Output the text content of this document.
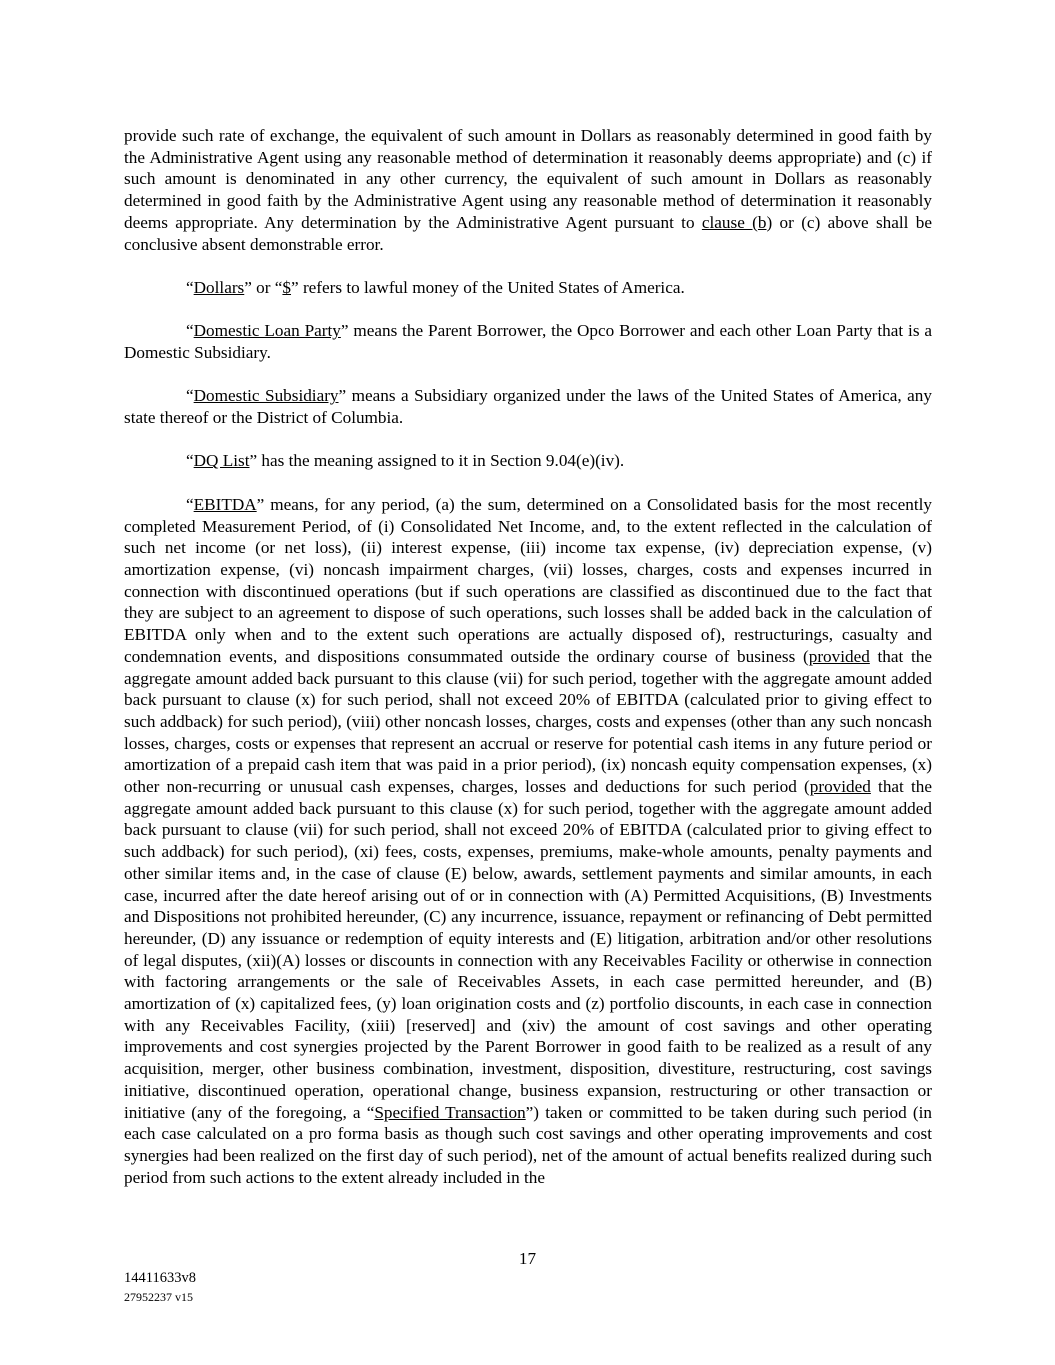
provide such rate of exchange, the equivalent of such amount in Dollars as reasonably determined in good faith by the Administrative Agent using any reasonable method of determination it reasonably deems appropriate) and (c) if such amount is denominated in any other currency, the equivalent of such amount in Dollars as reasonably determined in good faith by the Administrative Agent using any reasonable method of determination it reasonably deems appropriate. Any determination by the Administrative Agent pursuant to clause (b) or (c) above shall be conclusive absent demonstrable error.

“Dollars” or “$” refers to lawful money of the United States of America.

“Domestic Loan Party” means the Parent Borrower, the Opco Borrower and each other Loan Party that is a Domestic Subsidiary.

“Domestic Subsidiary” means a Subsidiary organized under the laws of the United States of America, any state thereof or the District of Columbia.

“DQ List” has the meaning assigned to it in Section 9.04(e)(iv).

“EBITDA” means, for any period, (a) the sum, determined on a Consolidated basis for the most recently completed Measurement Period, of (i) Consolidated Net Income, and, to the extent reflected in the calculation of such net income (or net loss), (ii) interest expense, (iii) income tax expense, (iv) depreciation expense, (v) amortization expense, (vi) noncash impairment charges, (vii) losses, charges, costs and expenses incurred in connection with discontinued operations (but if such operations are classified as discontinued due to the fact that they are subject to an agreement to dispose of such operations, such losses shall be added back in the calculation of EBITDA only when and to the extent such operations are actually disposed of), restructurings, casualty and condemnation events, and dispositions consummated outside the ordinary course of business (provided that the aggregate amount added back pursuant to this clause (vii) for such period, together with the aggregate amount added back pursuant to clause (x) for such period, shall not exceed 20% of EBITDA (calculated prior to giving effect to such addback) for such period), (viii) other noncash losses, charges, costs and expenses (other than any such noncash losses, charges, costs or expenses that represent an accrual or reserve for potential cash items in any future period or amortization of a prepaid cash item that was paid in a prior period), (ix) noncash equity compensation expenses, (x) other non-recurring or unusual cash expenses, charges, losses and deductions for such period (provided that the aggregate amount added back pursuant to this clause (x) for such period, together with the aggregate amount added back pursuant to clause (vii) for such period, shall not exceed 20% of EBITDA (calculated prior to giving effect to such addback) for such period), (xi) fees, costs, expenses, premiums, make-whole amounts, penalty payments and other similar items and, in the case of clause (E) below, awards, settlement payments and similar amounts, in each case, incurred after the date hereof arising out of or in connection with (A) Permitted Acquisitions, (B) Investments and Dispositions not prohibited hereunder, (C) any incurrence, issuance, repayment or refinancing of Debt permitted hereunder, (D) any issuance or redemption of equity interests and (E) litigation, arbitration and/or other resolutions of legal disputes, (xii)(A) losses or discounts in connection with any Receivables Facility or otherwise in connection with factoring arrangements or the sale of Receivables Assets, in each case permitted hereunder, and (B) amortization of (x) capitalized fees, (y) loan origination costs and (z) portfolio discounts, in each case in connection with any Receivables Facility, (xiii) [reserved] and (xiv) the amount of cost savings and other operating improvements and cost synergies projected by the Parent Borrower in good faith to be realized as a result of any acquisition, merger, other business combination, investment, disposition, divestiture, restructuring, cost savings initiative, discontinued operation, operational change, business expansion, restructuring or other transaction or initiative (any of the foregoing, a “Specified Transaction”) taken or committed to be taken during such period (in each case calculated on a pro forma basis as though such cost savings and other operating improvements and cost synergies had been realized on the first day of such period), net of the amount of actual benefits realized during such period from such actions to the extent already included in the

17
14411633v8
27952237 v15
